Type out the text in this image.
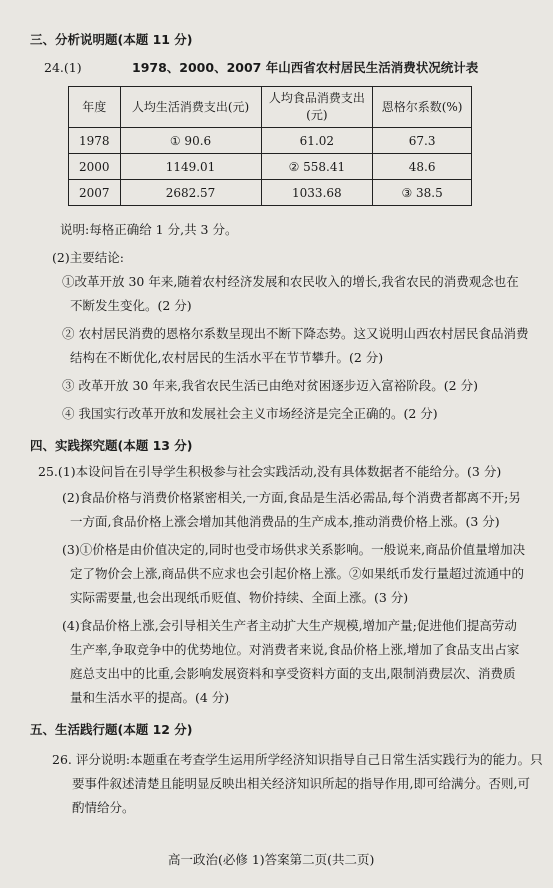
三、分析说明题(本题 11 分)
24.(1)	1978、2000、2007 年山西省农村居民生活消费状况统计表
年度	人均生活消费支出(元)	人均食品消费支出(元)	恩格尔系数(%)
1978	① 90.6	61.02	67.3
2000	1149.01	② 558.41	48.6
2007	2682.57	1033.68	③ 38.5
说明:每格正确给 1 分,共 3 分。
(2)主要结论:
①改革开放 30 年来,随着农村经济发展和农民收入的增长,我省农民的消费观念也在
不断发生变化。(2 分)
② 农村居民消费的恩格尔系数呈现出不断下降态势。这又说明山西农村居民食品消费
结构在不断优化,农村居民的生活水平在节节攀升。(2 分)
③ 改革开放 30 年来,我省农民生活已由绝对贫困逐步迈入富裕阶段。(2 分)
④ 我国实行改革开放和发展社会主义市场经济是完全正确的。(2 分)
四、实践探究题(本题 13 分)
25.(1)本设问旨在引导学生积极参与社会实践活动,没有具体数据者不能给分。(3 分)
(2)食品价格与消费价格紧密相关,一方面,食品是生活必需品,每个消费者都离不开;另
一方面,食品价格上涨会增加其他消费品的生产成本,推动消费价格上涨。(3 分)
(3)①价格是由价值决定的,同时也受市场供求关系影响。一般说来,商品价值量增加决
定了物价会上涨,商品供不应求也会引起价格上涨。②如果纸币发行量超过流通中的
实际需要量,也会出现纸币贬值、物价持续、全面上涨。(3 分)
(4)食品价格上涨,会引导相关生产者主动扩大生产规模,增加产量;促进他们提高劳动
生产率,争取竞争中的优势地位。对消费者来说,食品价格上涨,增加了食品支出占家
庭总支出中的比重,会影响发展资料和享受资料方面的支出,限制消费层次、消费质
量和生活水平的提高。(4 分)
五、生活践行题(本题 12 分)
26. 评分说明:本题重在考查学生运用所学经济知识指导自己日常生活实践行为的能力。只
要事件叙述清楚且能明显反映出相关经济知识所起的指导作用,即可给满分。否则,可
酌情给分。
高一政治(必修 1)答案第二页(共二页)
